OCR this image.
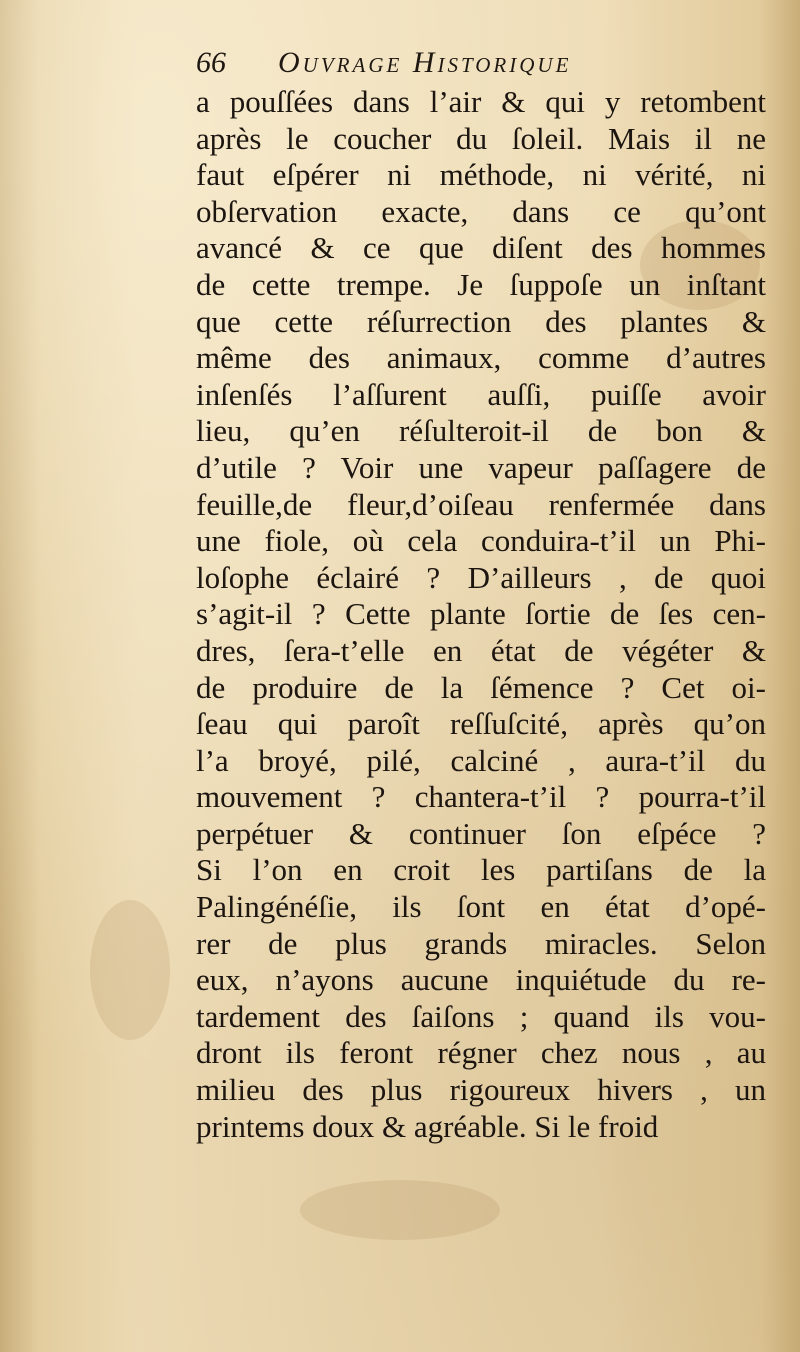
66 Ouvrage Historique
a pouſſées dans l’air & qui y retombent
après le coucher du ſoleil. Mais il ne
faut eſpérer ni méthode, ni vérité, ni
obſervation exacte, dans ce qu’ont
avancé & ce que diſent des hommes
de cette trempe. Je ſuppoſe un inſtant
que cette réſurrection des plantes &
même des animaux, comme d’autres
inſenſés l’aſſurent auſſi, puiſſe avoir
lieu, qu’en réſulteroit-il de bon &
d’utile ? Voir une vapeur paſſagere de
feuille,de fleur,d’oiſeau renfermée dans
une fiole, où cela conduira-t’il un Phi-
loſophe éclairé ? D’ailleurs , de quoi
s’agit-il ? Cette plante ſortie de ſes cen-
dres, ſera-t’elle en état de végéter &
de produire de la ſémence ? Cet oi-
ſeau qui paroît reſſuſcité, après qu’on
l’a broyé, pilé, calciné , aura-t’il du
mouvement ? chantera-t’il ? pourra-t’il
perpétuer & continuer ſon eſpéce ?
Si l’on en croit les partiſans de la
Palingénéſie, ils ſont en état d’opé-
rer de plus grands miracles. Selon
eux, n’ayons aucune inquiétude du re-
tardement des ſaiſons ; quand ils vou-
dront ils feront régner chez nous , au
milieu des plus rigoureux hivers , un
printems doux & agréable. Si le froid
